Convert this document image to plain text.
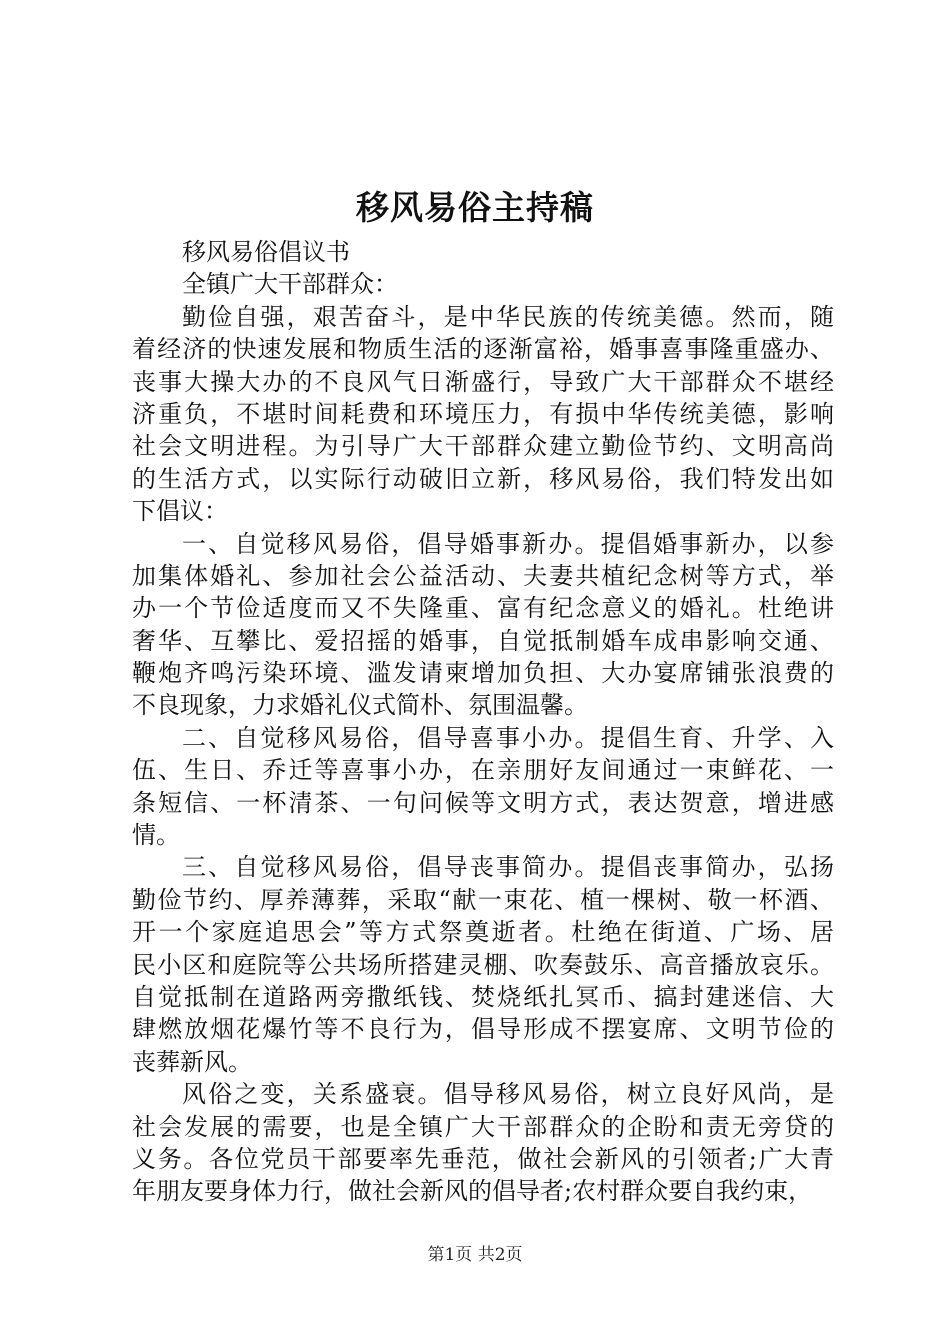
移风易俗主持稿
移风易俗倡议书
全镇广大干部群众：
勤俭自强，艰苦奋斗，是中华民族的传统美德。然而，随
着经济的快速发展和物质生活的逐渐富裕，婚事喜事隆重盛办、
丧事大操大办的不良风气日渐盛行，导致广大干部群众不堪经
济重负，不堪时间耗费和环境压力，有损中华传统美德，影响
社会文明进程。为引导广大干部群众建立勤俭节约、文明高尚
的生活方式，以实际行动破旧立新，移风易俗，我们特发出如
下倡议：
一、自觉移风易俗，倡导婚事新办。提倡婚事新办，以参
加集体婚礼、参加社会公益活动、夫妻共植纪念树等方式，举
办一个节俭适度而又不失隆重、富有纪念意义的婚礼。杜绝讲
奢华、互攀比、爱招摇的婚事，自觉抵制婚车成串影响交通、
鞭炮齐鸣污染环境、滥发请柬增加负担、大办宴席铺张浪费的
不良现象，力求婚礼仪式简朴、氛围温馨。
二、自觉移风易俗，倡导喜事小办。提倡生育、升学、入
伍、生日、乔迁等喜事小办，在亲朋好友间通过一束鲜花、一
条短信、一杯清茶、一句问候等文明方式，表达贺意，增进感
情。
三、自觉移风易俗，倡导丧事简办。提倡丧事简办，弘扬
勤俭节约、厚养薄葬，采取“献一束花、植一棵树、敬一杯酒、
开一个家庭追思会”等方式祭奠逝者。杜绝在街道、广场、居
民小区和庭院等公共场所搭建灵棚、吹奏鼓乐、高音播放哀乐。
自觉抵制在道路两旁撒纸钱、焚烧纸扎冥币、搞封建迷信、大
肆燃放烟花爆竹等不良行为，倡导形成不摆宴席、文明节俭的
丧葬新风。
风俗之变，关系盛衰。倡导移风易俗，树立良好风尚，是
社会发展的需要，也是全镇广大干部群众的企盼和责无旁贷的
义务。各位党员干部要率先垂范，做社会新风的引领者;广大青
年朋友要身体力行，做社会新风的倡导者;农村群众要自我约束，
第1页 共2页
